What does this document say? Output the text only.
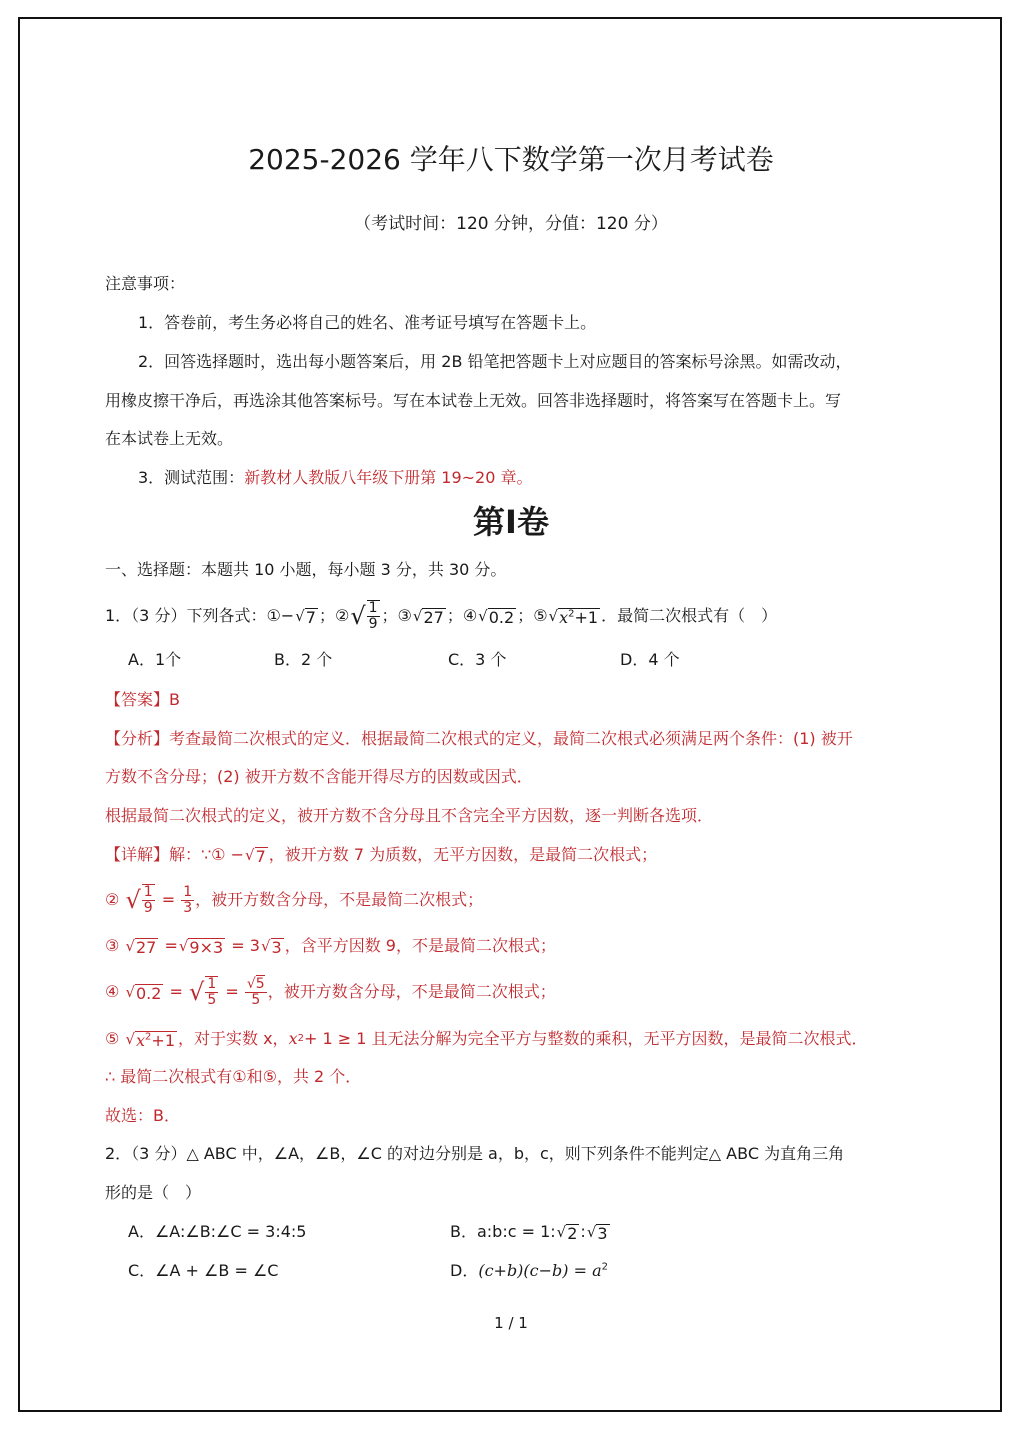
2025-2026 学年八下数学第一次月考试卷
（考试时间：120 分钟，分值：120 分）
注意事项：
1．答卷前，考生务必将自己的姓名、准考证号填写在答题卡上。
2．回答选择题时，选出每小题答案后，用 2B 铅笔把答题卡上对应题目的答案标号涂黑。如需改动，
用橡皮擦干净后，再选涂其他答案标号。写在本试卷上无效。回答非选择题时，将答案写在答题卡上。写
在本试卷上无效。
3．测试范围： 新教材人教版八年级下册第 19~20 章。
第Ⅰ卷
一、选择题：本题共 10 小题，每小题 3 分，共 30 分。
1．（3 分）下列各式：① − √ 7 ；② √ $\frac{1}{9}$ ；③ √ 27 ；④ √ 0.2 ；⑤ √ $x^2+1$ ．最简二次根式有（　）
A．1个	B．2 个	C．3 个	D．4 个
【答案】B
【分析】考查最简二次根式的定义．根据最简二次根式的定义，最简二次根式必须满足两个条件：(1) 被开
方数不含分母；(2) 被开方数不含能开得尽方的因数或因式．
根据最简二次根式的定义，被开方数不含分母且不含完全平方因数，逐一判断各选项．
【详解】解：∵① − √ 7 ，被开方数 7 为质数，无平方因数，是最简二次根式；
②
√ $\frac{1}{9}$
=
$\frac{1}{3}$ ，被开方数含分母，不是最简二次根式；
③
√ 27
= √ 9×3
= 3 √ 3 ，含平方因数 9，不是最简二次根式；
④
√ 0.2
=
√ $\frac{1}{5}$
=
$\frac{√5}{5}$ ，被开方数含分母，不是最简二次根式；
⑤
√ $x^2+1$ ，对于实数 x， x 2 + 1 ≥ 1 且无法分解为完全平方与整数的乘积，无平方因数，是最简二次根式．
∴ 最简二次根式有①和⑤，共 2 个．
故选：B．
2．（3 分）△ ABC 中，∠A，∠B，∠C 的对边分别是 a，b，c，则下列条件不能判定△ ABC 为直角三角
形的是（　）
A．∠A:∠B:∠C = 3:4:5	B．a:b:c = 1: √ 2 : √ 3
C．∠A + ∠B = ∠C	D．$(c+b)(c-b) = a^2$
1 / 1
